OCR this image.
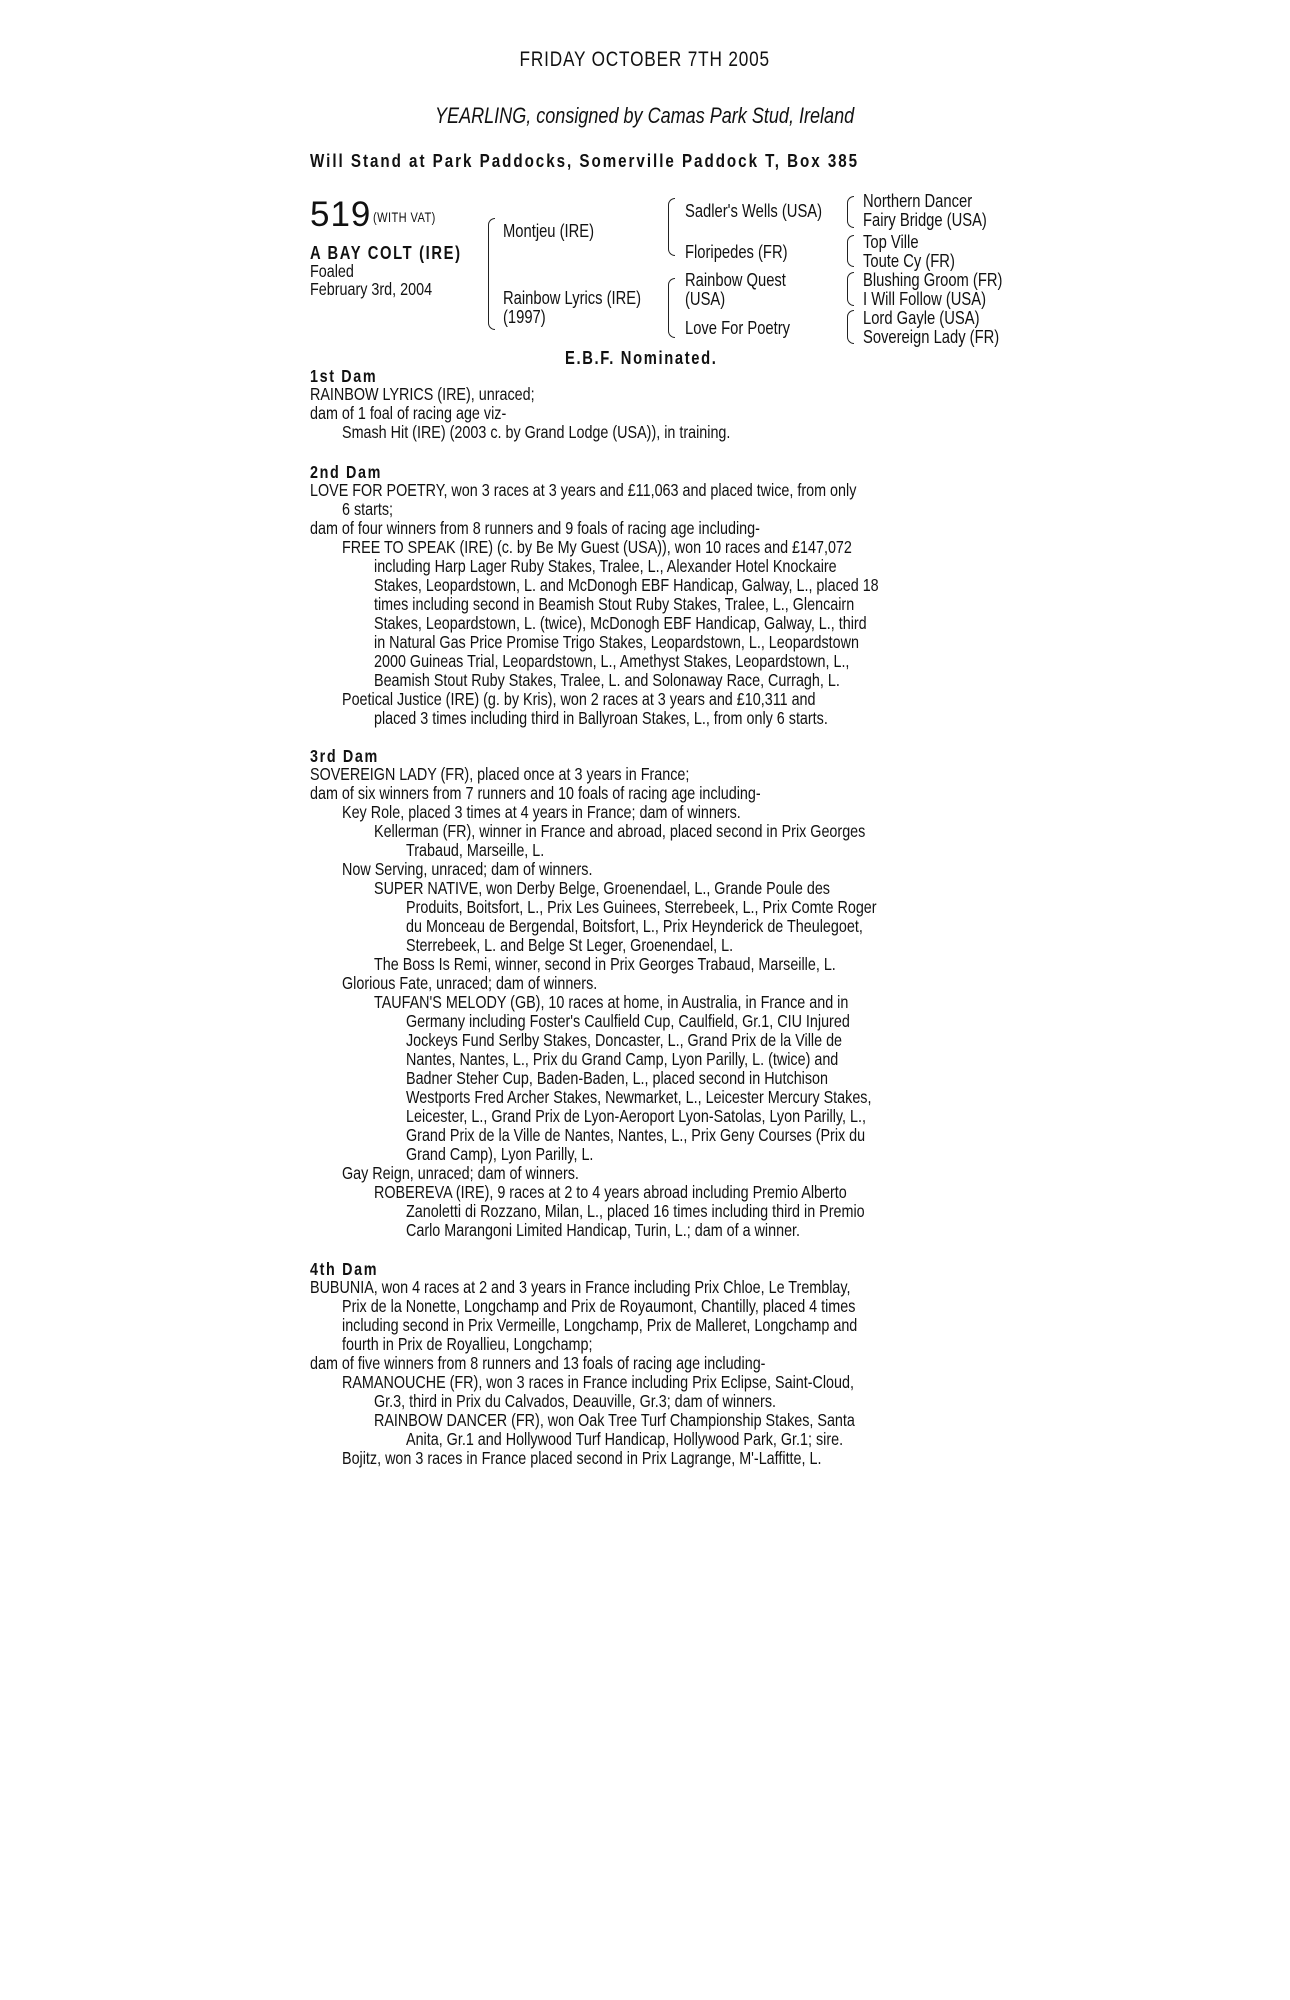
FRIDAY OCTOBER 7TH 2005
YEARLING, consigned by Camas Park Stud, Ireland
Will Stand at Park Paddocks, Somerville Paddock T, Box 385
519 (WITH VAT)
A BAY COLT (IRE)
Foaled
February 3rd, 2004
Montjeu (IRE)
Rainbow Lyrics (IRE)
(1997)
Sadler's Wells (USA)
Floripedes (FR)
Rainbow Quest
(USA)
Love For Poetry
Northern Dancer
Fairy Bridge (USA)
Top Ville
Toute Cy (FR)
Blushing Groom (FR)
I Will Follow (USA)
Lord Gayle (USA)
Sovereign Lady (FR)
E.B.F. Nominated.
1st Dam
RAINBOW LYRICS (IRE), unraced;
dam of 1 foal of racing age viz-
Smash Hit (IRE) (2003 c. by Grand Lodge (USA)), in training.
2nd Dam
LOVE FOR POETRY, won 3 races at 3 years and £11,063 and placed twice, from only
6 starts;
dam of four winners from 8 runners and 9 foals of racing age including-
FREE TO SPEAK (IRE) (c. by Be My Guest (USA)), won 10 races and £147,072
including Harp Lager Ruby Stakes, Tralee, L., Alexander Hotel Knockaire
Stakes, Leopardstown, L. and McDonogh EBF Handicap, Galway, L., placed 18
times including second in Beamish Stout Ruby Stakes, Tralee, L., Glencairn
Stakes, Leopardstown, L. (twice), McDonogh EBF Handicap, Galway, L., third
in Natural Gas Price Promise Trigo Stakes, Leopardstown, L., Leopardstown
2000 Guineas Trial, Leopardstown, L., Amethyst Stakes, Leopardstown, L.,
Beamish Stout Ruby Stakes, Tralee, L. and Solonaway Race, Curragh, L.
Poetical Justice (IRE) (g. by Kris), won 2 races at 3 years and £10,311 and
placed 3 times including third in Ballyroan Stakes, L., from only 6 starts.
3rd Dam
SOVEREIGN LADY (FR), placed once at 3 years in France;
dam of six winners from 7 runners and 10 foals of racing age including-
Key Role, placed 3 times at 4 years in France; dam of winners.
Kellerman (FR), winner in France and abroad, placed second in Prix Georges
Trabaud, Marseille, L.
Now Serving, unraced; dam of winners.
SUPER NATIVE, won Derby Belge, Groenendael, L., Grande Poule des
Produits, Boitsfort, L., Prix Les Guinees, Sterrebeek, L., Prix Comte Roger
du Monceau de Bergendal, Boitsfort, L., Prix Heynderick de Theulegoet,
Sterrebeek, L. and Belge St Leger, Groenendael, L.
The Boss Is Remi, winner, second in Prix Georges Trabaud, Marseille, L.
Glorious Fate, unraced; dam of winners.
TAUFAN'S MELODY (GB), 10 races at home, in Australia, in France and in
Germany including Foster's Caulfield Cup, Caulfield, Gr.1, CIU Injured
Jockeys Fund Serlby Stakes, Doncaster, L., Grand Prix de la Ville de
Nantes, Nantes, L., Prix du Grand Camp, Lyon Parilly, L. (twice) and
Badner Steher Cup, Baden-Baden, L., placed second in Hutchison
Westports Fred Archer Stakes, Newmarket, L., Leicester Mercury Stakes,
Leicester, L., Grand Prix de Lyon-Aeroport Lyon-Satolas, Lyon Parilly, L.,
Grand Prix de la Ville de Nantes, Nantes, L., Prix Geny Courses (Prix du
Grand Camp), Lyon Parilly, L.
Gay Reign, unraced; dam of winners.
ROBEREVA (IRE), 9 races at 2 to 4 years abroad including Premio Alberto
Zanoletti di Rozzano, Milan, L., placed 16 times including third in Premio
Carlo Marangoni Limited Handicap, Turin, L.; dam of a winner.
4th Dam
BUBUNIA, won 4 races at 2 and 3 years in France including Prix Chloe, Le Tremblay,
Prix de la Nonette, Longchamp and Prix de Royaumont, Chantilly, placed 4 times
including second in Prix Vermeille, Longchamp, Prix de Malleret, Longchamp and
fourth in Prix de Royallieu, Longchamp;
dam of five winners from 8 runners and 13 foals of racing age including-
RAMANOUCHE (FR), won 3 races in France including Prix Eclipse, Saint-Cloud,
Gr.3, third in Prix du Calvados, Deauville, Gr.3; dam of winners.
RAINBOW DANCER (FR), won Oak Tree Turf Championship Stakes, Santa
Anita, Gr.1 and Hollywood Turf Handicap, Hollywood Park, Gr.1; sire.
Bojitz, won 3 races in France placed second in Prix Lagrange, M'-Laffitte, L.
